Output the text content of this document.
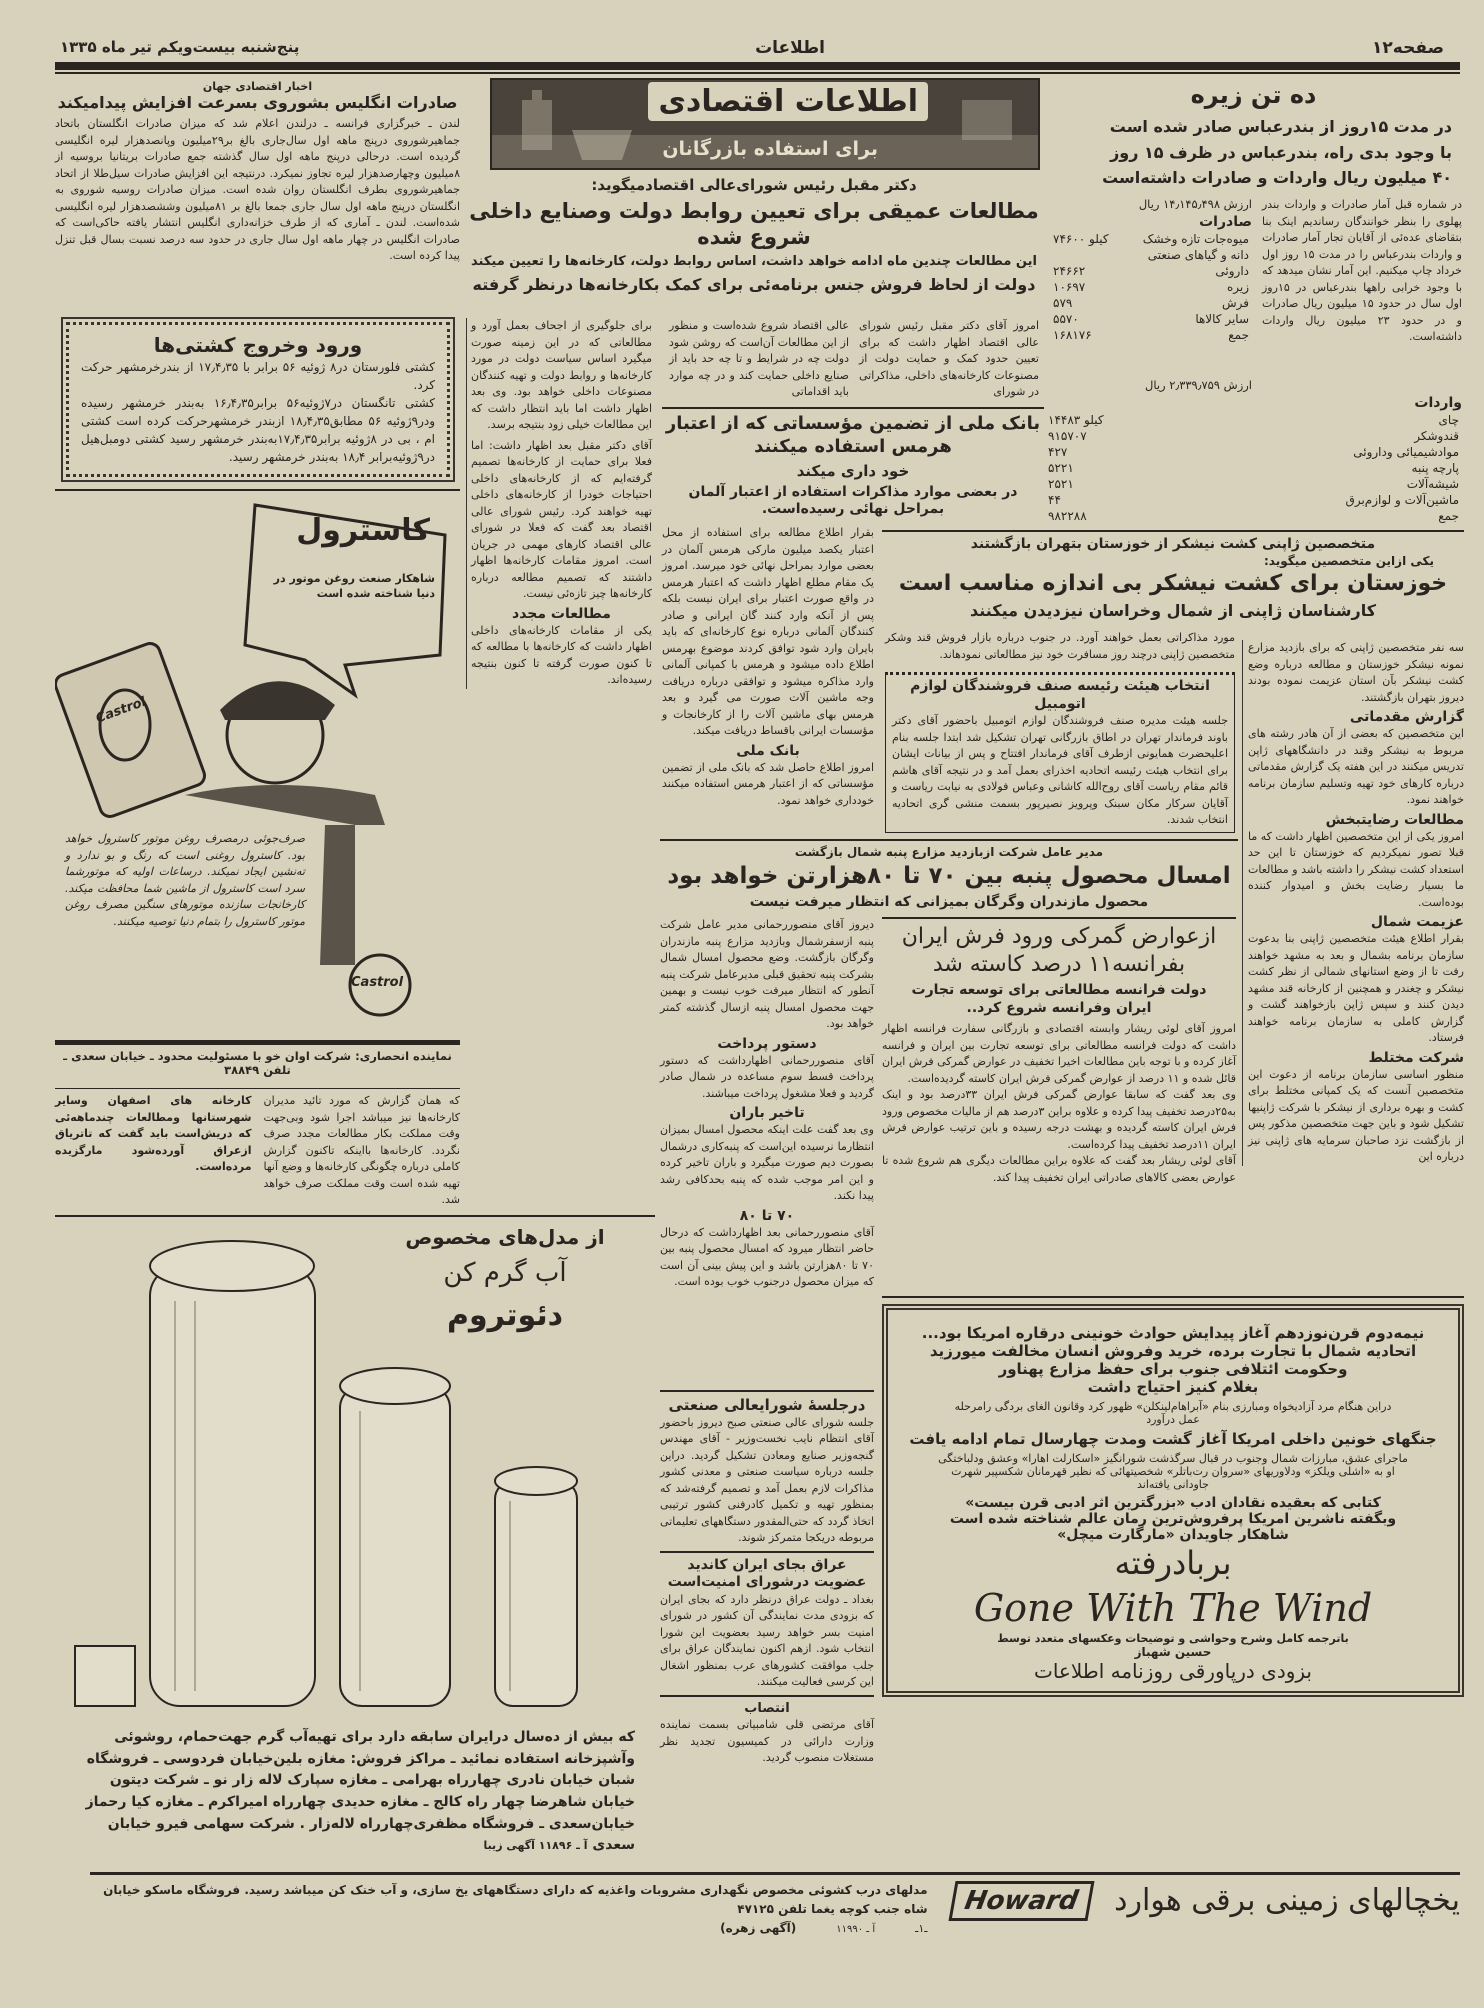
صفحه۱۲
اطلاعات
پنج‌شنبه بیست‌ویکم تیر ماه ۱۳۳۵
ده تن زیره
در مدت ۱۵روز از بندرعباس صادر شده است
با وجود بدی راه، بندرعباس در ظرف ۱۵ روز
۴۰ میلیون ریال واردات و صادرات داشته‌است
در شماره قبل آمار صادرات و واردات بندر پهلوی را بنظر خوانندگان رساندیم اینک بنا بتقاضای عده‌ئی از آقایان تجار آمار صادرات و واردات بندرعباس را در مدت ۱۵ روز اول خرداد چاپ میکنیم. این آمار نشان میدهد که با وجود خرابی راهها بندرعباس در ۱۵روز اول سال در حدود ۱۵ میلیون ریال صادرات و در حدود ۲۳ میلیون ریال واردات داشته‌است.
ارزش ۱۴٫۱۴۵٫۴۹۸ ریال
صادرات
میوه‌جات تازه وخشک	۷۴۶۰۰ کیلو
دانه و گیاهای صنعتی	
داروئی	۲۴۶۶۲
زیره	۱۰۶۹۷
فرش	۵۷۹
سایر کالاها	۵۵۷۰
جمع	۱۶۸۱۷۶
ارزش ۲٫۳۳۹٫۷۵۹ ریال
واردات
چای	۱۴۴۸۳ کیلو
قندوشکر	۹۱۵۷۰۷
موادشیمیائی وداروئی	۴۲۷
پارچه پنبه	۵۲۲۱
شیشه‌آلات	۲۵۲۱
ماشین‌آلات و لوازم‌برق	۴۴
جمع	۹۸۲۲۸۸
اطلاعات اقتصادی
برای استفاده بازرگانان
دکتر مقبل رئیس شورای‌عالی اقتصادمیگوید:
مطالعات عمیقی برای تعیین روابط دولت وصنایع داخلی شروع شده
این مطالعات چندین ماه ادامه خواهد داشت، اساس روابط دولت، کارخانه‌ها را تعیین میکند
دولت از لحاظ فروش جنس برنامه‌ئی برای کمک بکارخانه‌ها درنظر گرفته
امروز آقای دکتر مقبل رئیس شورای عالی اقتصاد اظهار داشت که برای تعیین حدود کمک و حمایت دولت از مصنوعات کارخانه‌های داخلی، مذاکراتی در شورای
عالی اقتصاد شروع شده‌است و منظور از این مطالعات آن‌است که روشن شود دولت چه در شرایط و تا چه حد باید از صنایع داخلی حمایت کند و در چه موارد باید اقداماتی
برای جلوگیری از اجحاف بعمل آورد و مطالعاتی که در این زمینه صورت میگیرد اساس سیاست دولت در مورد کارخانه‌ها و روابط دولت و تهیه کنندگان مصنوعات داخلی خواهد بود. وی بعد اظهار داشت اما باید انتظار داشت که این مطالعات خیلی زود بنتیجه برسد.
آقای دکتر مقبل بعد اظهار داشت: اما فعلا برای حمایت از کارخانه‌ها تصمیم گرفته‌ایم که از کارخانه‌های داخلی احتیاجات خودرا از کارخانه‌های داخلی تهیه خواهند کرد. رئیس شورای عالی اقتصاد بعد گفت که فعلا در شورای عالی اقتصاد کارهای مهمی در جریان است. امروز مقامات کارخانه‌ها اظهار داشتند که تصمیم مطالعه درباره کارخانه‌ها چیز تازه‌ئی نیست.
مطالعات مجدد
یکی از مقامات کارخانه‌های داخلی اظهار داشت که کارخانه‌ها با مطالعه که تا کنون صورت گرفته تا کنون بنتیجه رسیده‌اند.
بانک ملی از تضمین مؤسساتی که از اعتبار هرمس استفاده میکنند
خود داری میکند
در بعضی موارد مذاکرات استفاده از اعتبار آلمان بمراحل نهائی رسیده‌است.
بقرار اطلاع مطالعه برای استفاده از محل اعتبار یکصد میلیون مارکی هرمس آلمان در بعضی موارد بمراحل نهائی خود میرسد. امروز یک مقام مطلع اظهار داشت که اعتبار هرمس در واقع صورت اعتبار برای ایران نیست بلکه پس از آنکه وارد کنند گان ایرانی و صادر کنندگان آلمانی درباره نوع کارخانه‌ای که باید بایران وارد شود توافق کردند موضوع بهرمس اطلاع داده میشود و هرمس با کمپانی آلمانی وارد مذاکره میشود و توافقی درباره دریافت وجه ماشین آلات صورت می گیرد و بعد هرمس بهای ماشین آلات را از کارخانجات و مؤسسات ایرانی باقساط دریافت میکند.
بانک ملی
امروز اطلاع حاصل شد که بانک ملی از تضمین مؤسساتی که از اعتبار هرمس استفاده میکنند خودداری خواهد نمود.
متخصصین ژاپنی کشت نیشکر از خوزستان بتهران بازگشتند
یکی ازاین متخصصین میگوید:
خوزستان برای کشت نیشکر بی اندازه مناسب است
کارشناسان ژاپنی از شمال وخراسان نیزدیدن میکنند
مورد مذاکراتی بعمل خواهند آورد. در جنوب درباره بازار فروش قند وشکر متخصصین ژاپنی درچند روز مسافرت خود نیز مطالعاتی نمودهاند. سه نفر متخصصین ژاپنی که برای بازدید مزارع نمونه نیشکر خوزستان و مطالعه درباره وضع کشت نیشکر بآن استان عزیمت نموده بودند دیروز بتهران بازگشتند.
گزارش مقدماتی
این متخصصین که بعضی از آن هادر رشته های مربوط به نیشکر وقند در دانشگاههای ژاپن تدریس میکنند در این هفته یک گزارش مقدماتی درباره کارهای خود تهیه وتسلیم سازمان برنامه خواهند نمود.
مطالعات رضایتبخش
امروز یکی از این متخصصین اظهار داشت که ما قبلا تصور نمیکردیم که خوزستان تا این حد استعداد کشت نیشکر را داشته باشد و مطالعات ما بسیار رضایت بخش و امیدوار کننده بوده‌است.
عزیمت شمال
بقرار اطلاع هیئت متخصصین ژاپنی بنا بدعوت سازمان برنامه بشمال و بعد به مشهد خواهند رفت تا از وضع استانهای شمالی از نظر کشت نیشکر و چغندر و همچنین از کارخانه قند مشهد دیدن کنند و سپس ژاپن بازخواهند گشت و گزارش کاملی به سازمان برنامه خواهند فرستاد.
شرکت مختلط
منظور اساسی سازمان برنامه از دعوت این متخصصین آنست که یک کمپانی مختلط برای کشت و بهره برداری از نیشکر با شرکت ژاپنیها تشکیل شود و باین جهت متخصصین مذکور پس از بازگشت نزد صاحبان سرمایه های ژاپنی نیز درباره این
انتخاب هیئت رئیسه صنف فروشندگان لوازم اتومبیل
جلسه هیئت مدیره صنف فروشندگان لوازم اتومبیل باحضور آقای دکتر باوند فرماندار تهران در اطاق بازرگانی تهران تشکیل شد ابتدا جلسه بنام اعلیحضرت همایونی ازطرف آقای فرماندار افتتاح و پس از بیانات ایشان برای انتخاب هیئت رئیسه اتحادیه اخذرای بعمل آمد و در نتیجه آقای هاشم قائم مقام ریاست آقای روح‌الله کاشانی وعباس فولادی به نیابت ریاست و آقایان سرکار مکان سبنک وپرویز نصیرپور بسمت منشی گری اتحادیه انتخاب شدند.
مدیر عامل شرکت ازبازدید مزارع پنبه شمال بازگشت
امسال محصول پنبه بین ۷۰ تا ۸۰هزارتن خواهد بود
محصول مازندران وگرگان بمیزانی که انتظار میرفت نیست
دیروز آقای منصوررحمانی مدیر عامل شرکت پنبه ازسفرشمال وبازدید مزارع پنبه مازندران وگرگان بازگشت. وضع محصول امسال شمال بشرکت پنبه تحقیق قبلی مدیرعامل شرکت پنبه آنطور که انتظار میرفت خوب نیست و بهمین جهت محصول امسال پنبه ازسال گذشته کمتر خواهد بود.
دستور پرداخت
آقای منصوررحمانی اظهارداشت که دستور پرداخت قسط سوم مساعده در شمال صادر گردید و فعلا مشغول پرداخت میباشند.
تاخیر باران
وی بعد گفت علت اینکه محصول امسال بمیزان انتظارما نرسیده این‌است که پنبه‌کاری درشمال بصورت دیم صورت میگیرد و باران تاخیر کرده و این امر موجب شده که پنبه بحدکافی رشد پیدا نکند.
۷۰ تا ۸۰
آقای منصوررحمانی بعد اظهارداشت که درحال حاضر انتظار میرود که امسال محصول پنبه بین ۷۰ تا ۸۰هزارتن باشد و این پیش بینی آن است که میزان محصول درجنوب خوب بوده است.
درجلسهٔ شورایعالی صنعتی
جلسه شورای عالی صنعتی صبح دیروز باحضور آقای انتظام نایب نخست‌وزیر - آقای مهندس گنجه‌وزیر صنایع ومعادن تشکیل گردید. دراین جلسه درباره سیاست صنعتی و معدنی کشور مذاکرات لازم بعمل آمد و تصمیم گرفته‌شد که بمنظور تهیه و تکمیل کادرفنی کشور ترتیبی اتخاذ گردد که حتی‌المقدور دستگاههای تعلیماتی مربوطه دریکجا متمرکز شوند.
عراق بجای ایران کاندید عضویت درشورای امنیت‌است
بغداد ـ دولت عراق درنظر دارد که بجای ایران که بزودی مدت نمایندگی آن کشور در شورای امنیت بسر خواهد رسید بعضویت این شورا انتخاب شود. ازهم اکنون نمایندگان عراق برای جلب موافقت کشورهای عرب بمنظور اشغال این کرسی فعالیت میکنند.
انتصاب
آقای مرتضی قلی شامبیاتی بسمت نماینده وزارت دارائی در کمیسیون تجدید نظر مستغلات منصوب گردید.
ازعوارض گمرکی ورود فرش ایران
بفرانسه۱۱ درصد کاسته شد
دولت فرانسه مطالعاتی برای توسعه تجارت ایران وفرانسه شروع کرد..
امروز آقای لوئی ریشار وابسته اقتصادی و بازرگانی سفارت فرانسه اظهار داشت که دولت فرانسه مطالعاتی برای توسعه تجارت بین ایران و فرانسه آغاز کرده و با توجه باین مطالعات اخیرا تخفیف در عوارض گمرکی فرش ایران قائل شده و ۱۱ درصد از عوارض گمرکی فرش ایران کاسته گردیده‌است.
وی بعد گفت که سابقا عوارض گمرکی فرش ایران ۳۳درصد بود و اینک به۲۵درصد تخفیف پیدا کرده و علاوه براین ۳درصد هم از مالیات مخصوص ورود فرش ایران کاسته گردیده و بهشت درجه رسیده و باین ترتیب عوارض فرش ایران ۱۱درصد تخفیف پیدا کرده‌است.
آقای لوئی ریشار بعد گفت که علاوه براین مطالعات دیگری هم شروع شده تا عوارض بعضی کالاهای صادراتی ایران تخفیف پیدا کند.
اخبار اقتصادی جهان
صادرات انگلیس بشوروی بسرعت افزایش پیدامیکند
لندن ـ خبرگزاری فرانسه ـ درلندن اعلام شد که میزان صادرات انگلستان باتحاد جماهیرشوروی درپنج ماهه اول سال‌جاری بالغ بر۲۹میلیون وپانصدهزار لیره انگلیسی گردیده است. درحالی درپنج ماهه اول سال گذشته جمع صادرات بریتانیا بروسیه از ۸میلیون وچهارصدهزار لیره تجاوز نمیکرد. درنتیجه این افزایش صادرات سیل‌طلا از اتحاد جماهیرشوروی بطرف انگلستان روان شده است. میزان صادرات روسیه شوروی به انگلستان درپنج ماهه اول سال جاری جمعا بالغ بر ۸۱میلیون وششصدهزار لیره انگلیسی شده‌است. لندن ـ آماری که از طرف خزانه‌داری انگلیس انتشار یافته حاکی‌است که صادرات انگلیس در چهار ماهه اول سال جاری در حدود سه درصد نسبت بسال قبل تنزل پیدا کرده است.
ورود وخروج کشتی‌ها
کشتی فلورستان در۸ ژوئیه ۵۶ برابر با ۱۷٫۴٫۳۵ از بندرخرمشهر حرکت کرد.
کشتی تانگستان در۷ژوئیه۵۶ برابر۱۶٫۴٫۳۵ به‌بندر خرمشهر رسیده ودر۹ژوئیه ۵۶ مطابق۱۸٫۴٫۳۵ ازبندر خرمشهرحرکت کرده است کشتی ام ، بی در ۸ژوئیه برابر۱۷٫۴٫۳۵به‌بندر خرمشهر رسید کشتی دومبل‌هیل در۹ژوئیه‌برابر ۱۸٫۴ به‌بندر خرمشهر رسید.
کاسترول
شاهکار صنعت روغن موتور در دنیا شناخته شده است
Castrol
صرف‌جوئی درمصرف روغن موتور کاسترول خواهد بود. کاسترول روغنی است که رنگ و بو ندارد و ته‌نشین ایجاد نمیکند. درساعات اولیه که موتورشما سرد است کاسترول از ماشین شما محافظت میکند. کارخانجات سازنده موتورهای سنگین مصرف روغن موتور کاسترول را بتمام دنیا توصیه میکنند.
Castrol
نماینده انحصاری: شرکت اوان خو با مسئولیت محدود ـ خیابان سعدی ـ تلفن ۳۸۸۴۹
که همان گزارش که مورد تائید مدیران کارخانه‌ها نیز میباشد اجرا شود وبی‌جهت وقت مملکت بکار مطالعات مجدد صرف نگردد. کارخانه‌ها بااینکه تاکنون گزارش کاملی درباره چگونگی کارخانه‌ها و وضع آنها تهیه شده است وقت مملکت صرف خواهد شد.
کارخانه های اصفهان وسایر شهرستانها ومطالعات چندماهه‌ئی که دریش‌است باید گفت که تاتریاق ازعراق آورده‌شود مارگزیده مرده‌است.
از مدل‌های مخصوص
آب گرم کن
دئوتروم
که بیش از ده‌سال درایران سابقه دارد برای تهیه‌آب گرم جهت‌حمام، روشوئی وآشپزخانه استفاده نمائید ـ مراکز فروش: مغازه بلین‌خیابان فردوسی ـ فروشگاه شبان خیابان نادری چهارراه بهرامی ـ مغازه سپارک لاله زار نو ـ شرکت دیتون خیابان شاهرضا چهار راه کالج ـ مغازه حدیدی چهارراه امیراکرم ـ مغازه کیا رحماز خیابان‌سعدی ـ فروشگاه مظفری‌چهارراه لاله‌زار . شرکت سهامی فیرو خیابان سعدی آ ـ ۱۱۸۹۶ آگهی زیبا
نیمه‌دوم قرن‌نوزدهم آغاز پیدایش حوادث خونینی درقاره امریکا بود...
اتحادیه شمال با تجارت برده، خرید وفروش انسان مخالفت میورزید
وحکومت ائتلافی جنوب برای حفظ مزارع پهناور
بغلام کنیز احتیاج داشت
دراین هنگام مرد آزادیخواه ومبارزی بنام «آبراهام‌لینکلن» ظهور کرد وقانون الغای بردگی رامرحله عمل درآورد
جنگهای خونین داخلی امریکا آغاز گشت ومدت چهارسال تمام ادامه یافت
ماجرای عشق، مبارزات شمال وجنوب در قبال سرگذشت شورانگیز «اسکارلت اهارا» وعشق ودلباختگی او به «اشلی ویلکز» ودلاوریهای «سروان رت‌باتلر» شخصیتهائی که نظیر قهرمانان شکسپیر شهرت جاودانی یافته‌اند
کتابی که بعقیده نقادان ادب «بزرگترین اثر ادبی قرن بیست»
وبگفته ناشرین امریکا پرفروش‌ترین رمان عالم شناخته شده است
شاهکار جاویدان «مارگارت میچل»
بربادرفته
Gone With The Wind
باترجمه کامل وشرح وحواشی و توضیحات وعکسهای متعدد توسط
حسین شهباز
بزودی درپاورقی روزنامه اطلاعات
یخچالهای زمینی برقی هوارد
Howard
مدلهای درب کشوئی مخصوص نگهداری مشروبات واغذیه که دارای دستگاههای یخ سازی، و آب خنک کن میباشد رسید. فروشگاه ماسکو خیابان شاه جنب کوچه یغما تلفن ۴۷۱۲۵
ـ۱ـ
آ ـ ۱۱۹۹۰
(آگهی زهره)
